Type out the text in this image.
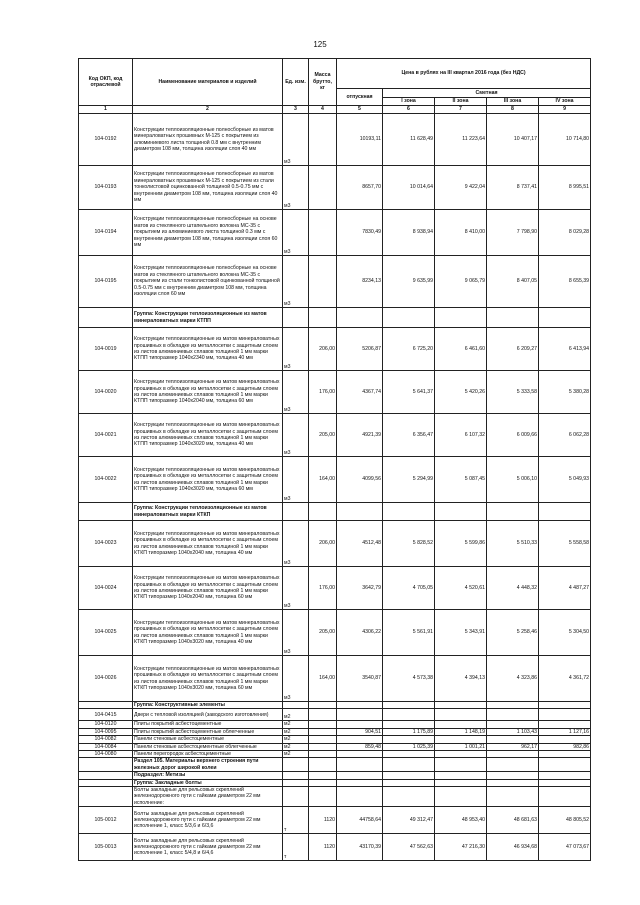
125
Код ОКП, код отраслевой	Наименование материалов и изделий	Ед. изм.	Масса брутто, кг	Цена в рублях на III квартал 2016 года (без НДС)				
				отпускная	Сметная			
					I зона	II зона	III зона	IV зона
1	2	3	4	5	6	7	8	9
104-0192	Конструкции теплоизоляционные полносборные из матов минераловатных прошивных М-125 с покрытием из алюминиевого листа толщиной 0.8 мм с внутренним диаметром 108 мм, толщина изоляции слоя 40 мм	м3		10193,11	11 628,49	11 223,64	10 407,17	10 714,80
104-0193	Конструкции теплоизоляционные полносборные из матов минераловатных прошивных М-125 с покрытием из стали тонколистовой оцинкованной толщиной 0.5-0.75 мм с внутренним диаметром 108 мм, толщина изоляции слоя 40 мм	м3		8657,70	10 014,64	9 422,04	8 737,41	8 995,51
104-0194	Конструкции теплоизоляционные полносборные на основе матов из стеклянного штапельного волокна МС-35 с покрытием из алюминиевого листа толщиной 0.3 мм с внутренним диаметром 108 мм, толщина изоляции слоя 60 мм	м3		7830,49	8 938,94	8 410,00	7 798,90	8 029,28
104-0195	Конструкции теплоизоляционные полносборные на основе матов из стеклянного штапельного волокна МС-35 с покрытием из стали тонколистовой оцинкованной толщиной 0.5-0.75 мм с внутренним диаметром 108 мм, толщина изоляции слоя 60 мм	м3		8234,13	9 635,99	9 065,79	8 407,05	8 655,39
	Группа: Конструкции теплоизоляционные из матов минераловатных марки КТПП							
104-0019	Конструкции теплоизоляционные из матов минераловатных прошивных в обкладке из металлосетки с защитным слоем из листов алюминиевых сплавов толщиной 1 мм марки КТПП типоразмер 1040х2340 мм, толщина 40 мм	м3	206,00	5206,87	6 725,20	6 461,60	6 209,27	6 413,94
104-0020	Конструкции теплоизоляционные из матов минераловатных прошивных в обкладке из металлосетки с защитным слоем из листов алюминиевых сплавов толщиной 1 мм марки КТПП типоразмер 1040х2040 мм, толщина 60 мм	м3	176,00	4367,74	5 641,37	5 420,26	5 333,58	5 380,28
104-0021	Конструкции теплоизоляционные из матов минераловатных прошивных в обкладке из металлосетки с защитным слоем из листов алюминиевых сплавов толщиной 1 мм марки КТПП типоразмер 1040х3020 мм, толщина 40 мм	м3	205,00	4921,39	6 356,47	6 107,32	6 009,66	6 062,28
104-0022	Конструкции теплоизоляционные из матов минераловатных прошивных в обкладке из металлосетки с защитным слоем из листов алюминиевых сплавов толщиной 1 мм марки КТПП типоразмер 1040х3020 мм, толщина 60 мм	м3	164,00	4099,56	5 294,99	5 087,45	5 006,10	5 049,93
	Группа: Конструкции теплоизоляционные из матов минераловатных марки КТКП							
104-0023	Конструкции теплоизоляционные из матов минераловатных прошивных в обкладке из металлосетки с защитным слоем из листов алюминиевых сплавов толщиной 1 мм марки КТКП типоразмер 1040х2040 мм, толщина 40 мм	м3	206,00	4512,48	5 828,52	5 599,86	5 510,33	5 558,58
104-0024	Конструкции теплоизоляционные из матов минераловатных прошивных в обкладке из металлосетки с защитным слоем из листов алюминиевых сплавов толщиной 1 мм марки КТКП типоразмер 1040х2040 мм, толщина 60 мм	м3	176,00	3642,79	4 705,05	4 520,61	4 448,32	4 487,27
104-0025	Конструкции теплоизоляционные из матов минераловатных прошивных в обкладке из металлосетки с защитным слоем из листов алюминиевых сплавов толщиной 1 мм марки КТКП типоразмер 1040х3020 мм, толщина 40 мм	м3	205,00	4306,22	5 561,91	5 343,91	5 258,46	5 304,50
104-0026	Конструкции теплоизоляционные из матов минераловатных прошивных в обкладке из металлосетки с защитным слоем из листов алюминиевых сплавов толщиной 1 мм марки КТКП типоразмер 1040х3020 мм, толщина 60 мм	м3	164,00	3540,87	4 573,38	4 394,13	4 323,86	4 361,72
	Группа: Конструктивные элементы							
104-0415	Двери с тепловой изоляцией (заводского изготовления)	м2						
104-0120	Плиты покрытий асбестоцементные	м2						
104-0095	Плиты покрытий асбестоцементные облегченные	м2		904,51	1 175,89	1 148,19	1 103,43	1 127,16
104-0082	Панели стеновые асбестоцементные	м2						
104-0084	Панели стеновые асбестоцементные облегченные	м2		859,48	1 025,39	1 001,21	962,17	982,86
104-0080	Панели перегородок асбестоцементные	м2						
	Раздел 105. Материалы верхнего строения пути железных дорог широкой колеи							
	Подраздел: Метизы							
	Группа: Закладные болты							
	Болты закладные для рельсовых скреплений железнодорожного пути с гайками диаметром 22 мм исполнение:							
105-0012	Болты закладные для рельсовых скреплений железнодорожного пути с гайками диаметром 22 мм исполнение 1, класс 5/3,6 и 6/3,6	т	1120	44758,64	49 312,47	48 953,40	48 681,63	48 805,52
105-0013	Болты закладные для рельсовых скреплений железнодорожного пути с гайками диаметром 22 мм исполнение 1, класс 5/4,8 и 6/4,6	т	1120	43170,39	47 562,63	47 216,30	46 934,68	47 073,67
